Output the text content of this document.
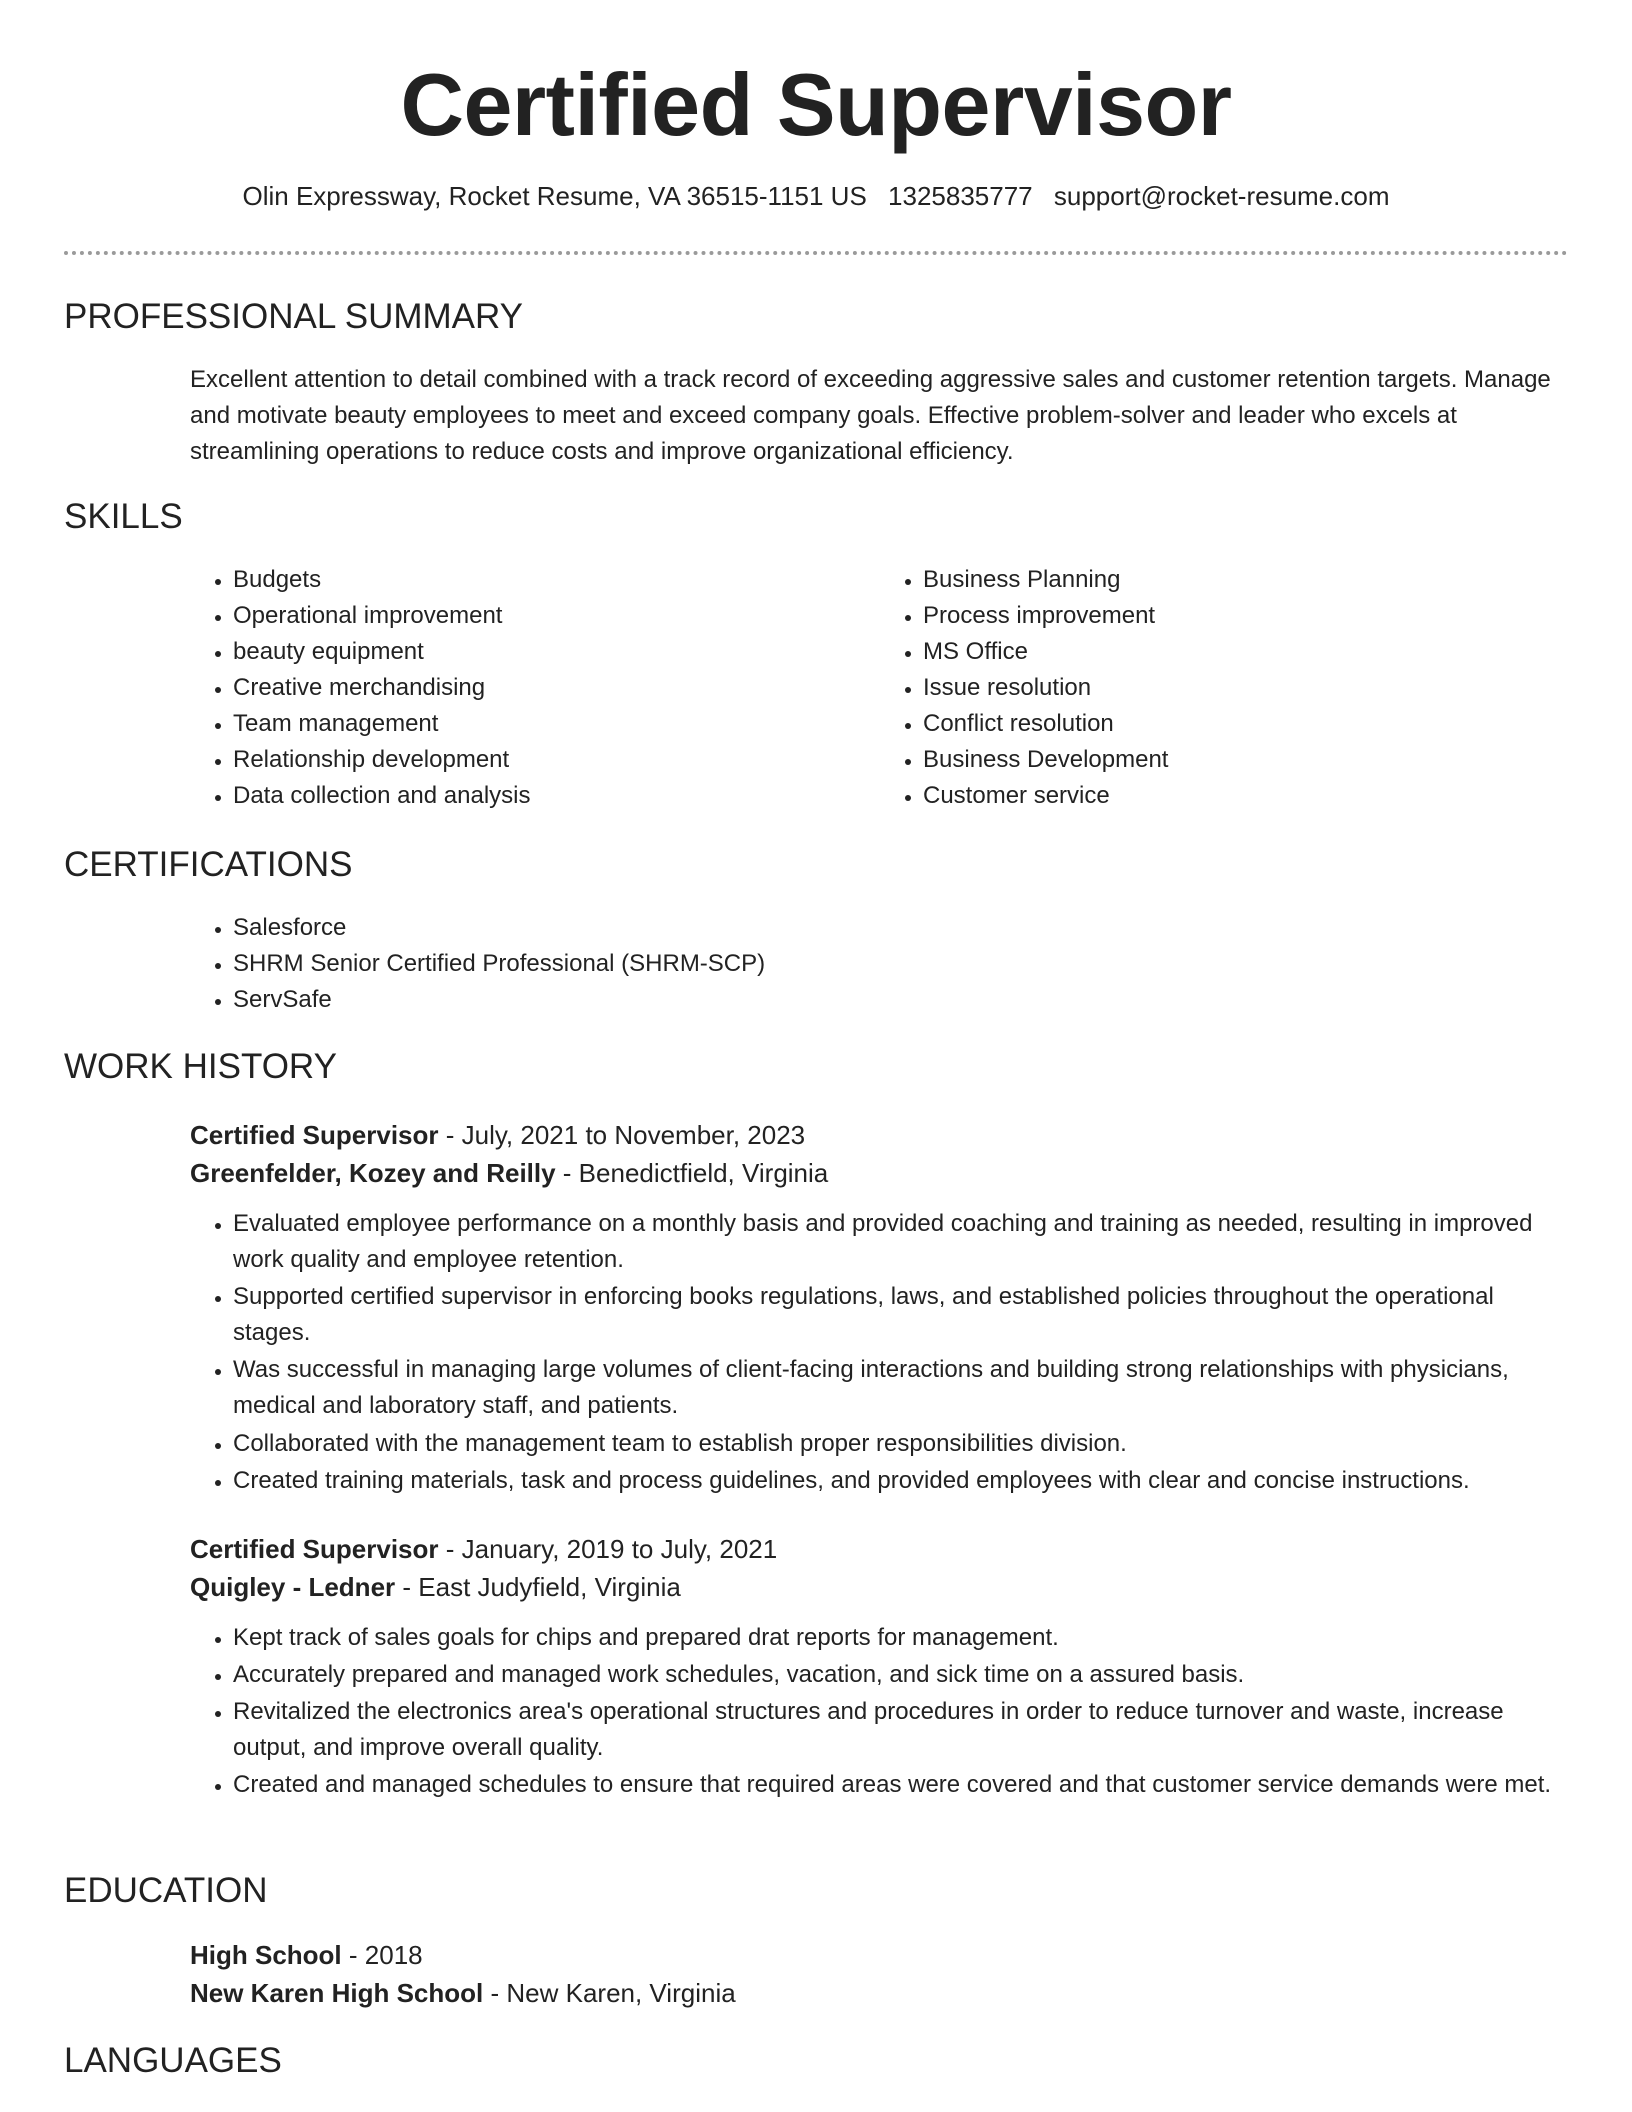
Certified Supervisor
Olin Expressway, Rocket Resume, VA 36515-1151 US 1325835777 support@rocket-resume.com
PROFESSIONAL SUMMARY

Excellent attention to detail combined with a track record of exceeding aggressive sales and customer retention targets. Manage and motivate beauty employees to meet and exceed company goals. Effective problem-solver and leader who excels at streamlining operations to reduce costs and improve organizational efficiency.

SKILLS
• Budgets
• Operational improvement
• beauty equipment
• Creative merchandising
• Team management
• Relationship development
• Data collection and analysis
• Business Planning
• Process improvement
• MS Office
• Issue resolution
• Conflict resolution
• Business Development
• Customer service
CERTIFICATIONS
• Salesforce
• SHRM Senior Certified Professional (SHRM-SCP)
• ServSafe
WORK HISTORY
Certified Supervisor - July, 2021 to November, 2023
Greenfelder, Kozey and Reilly - Benedictfield, Virginia
• Evaluated employee performance on a monthly basis and provided coaching and training as needed, resulting in improved work quality and employee retention.
• Supported certified supervisor in enforcing books regulations, laws, and established policies throughout the operational stages.
• Was successful in managing large volumes of client-facing interactions and building strong relationships with physicians, medical and laboratory staff, and patients.
• Collaborated with the management team to establish proper responsibilities division.
• Created training materials, task and process guidelines, and provided employees with clear and concise instructions.
Certified Supervisor - January, 2019 to July, 2021
Quigley - Ledner - East Judyfield, Virginia
• Kept track of sales goals for chips and prepared drat reports for management.
• Accurately prepared and managed work schedules, vacation, and sick time on a assured basis.
• Revitalized the electronics area's operational structures and procedures in order to reduce turnover and waste, increase output, and improve overall quality.
• Created and managed schedules to ensure that required areas were covered and that customer service demands were met.
EDUCATION
High School - 2018
New Karen High School - New Karen, Virginia
LANGUAGES
